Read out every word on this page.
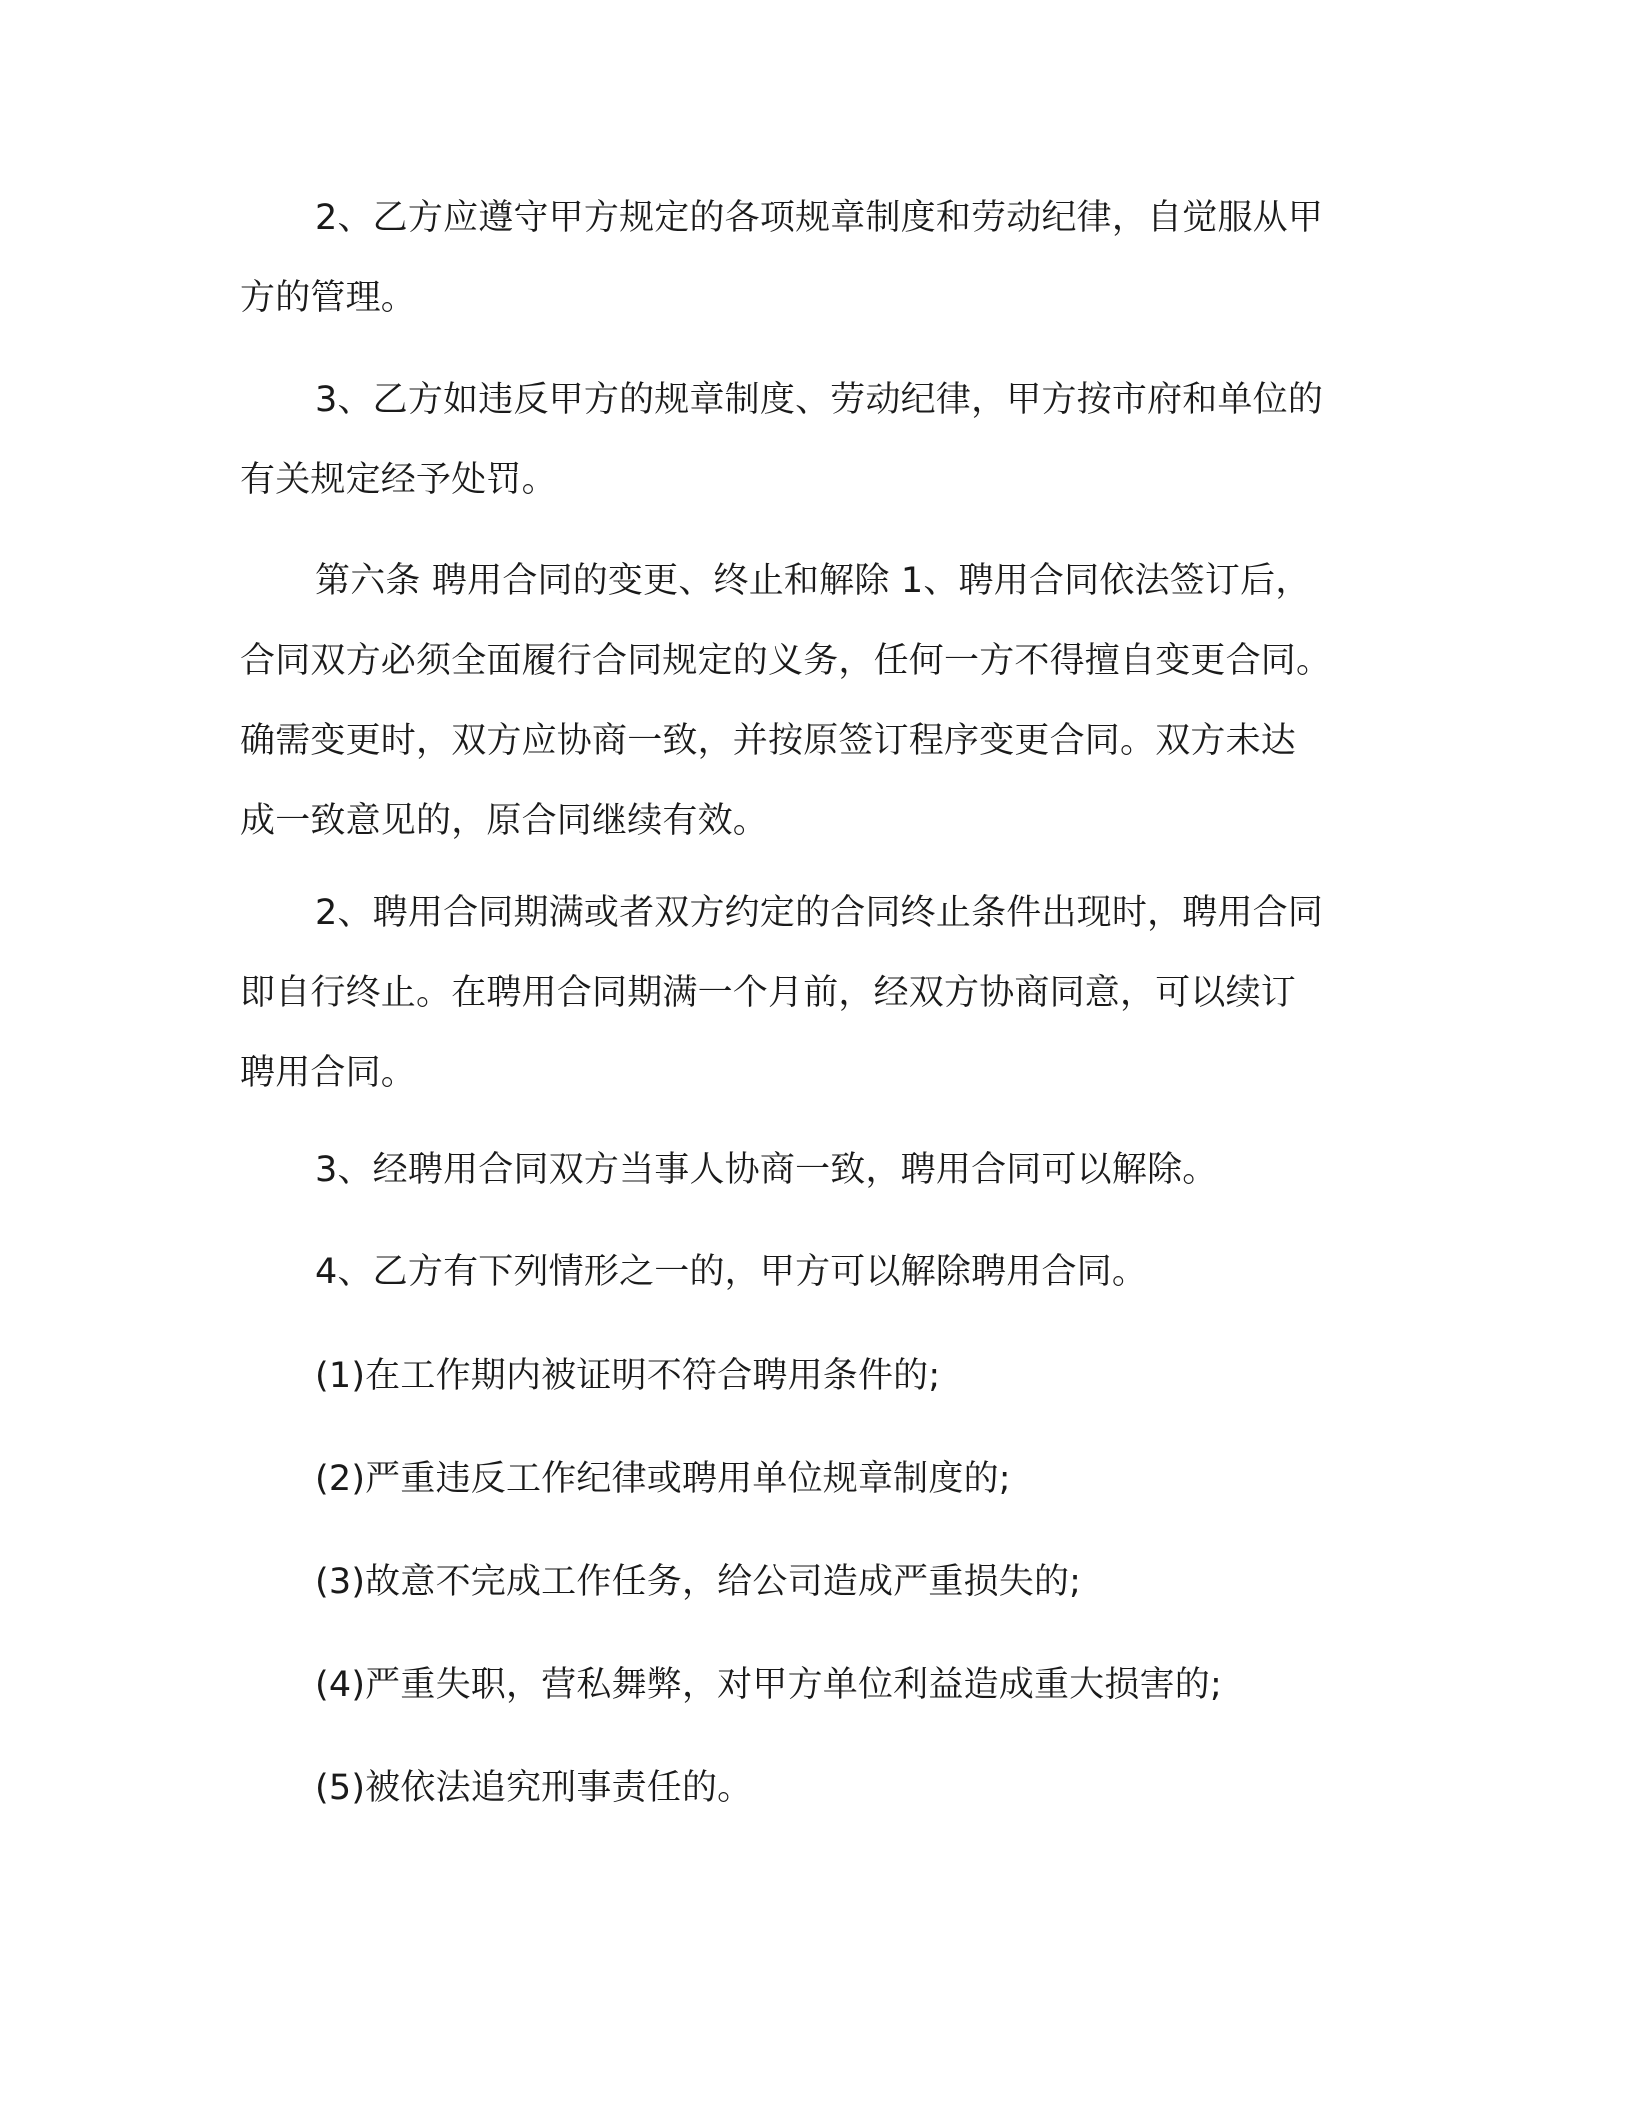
2、乙方应遵守甲方规定的各项规章制度和劳动纪律，自觉服从甲
方的管理。

3、乙方如违反甲方的规章制度、劳动纪律，甲方按市府和单位的
有关规定经予处罚。

第六条 聘用合同的变更、终止和解除 1、聘用合同依法签订后，
合同双方必须全面履行合同规定的义务，任何一方不得擅自变更合同。
确需变更时，双方应协商一致，并按原签订程序变更合同。双方未达
成一致意见的，原合同继续有效。

2、聘用合同期满或者双方约定的合同终止条件出现时，聘用合同
即自行终止。在聘用合同期满一个月前，经双方协商同意，可以续订
聘用合同。

3、经聘用合同双方当事人协商一致，聘用合同可以解除。

4、乙方有下列情形之一的，甲方可以解除聘用合同。

(1)在工作期内被证明不符合聘用条件的;

(2)严重违反工作纪律或聘用单位规章制度的;

(3)故意不完成工作任务，给公司造成严重损失的;

(4)严重失职，营私舞弊，对甲方单位利益造成重大损害的;

(5)被依法追究刑事责任的。
